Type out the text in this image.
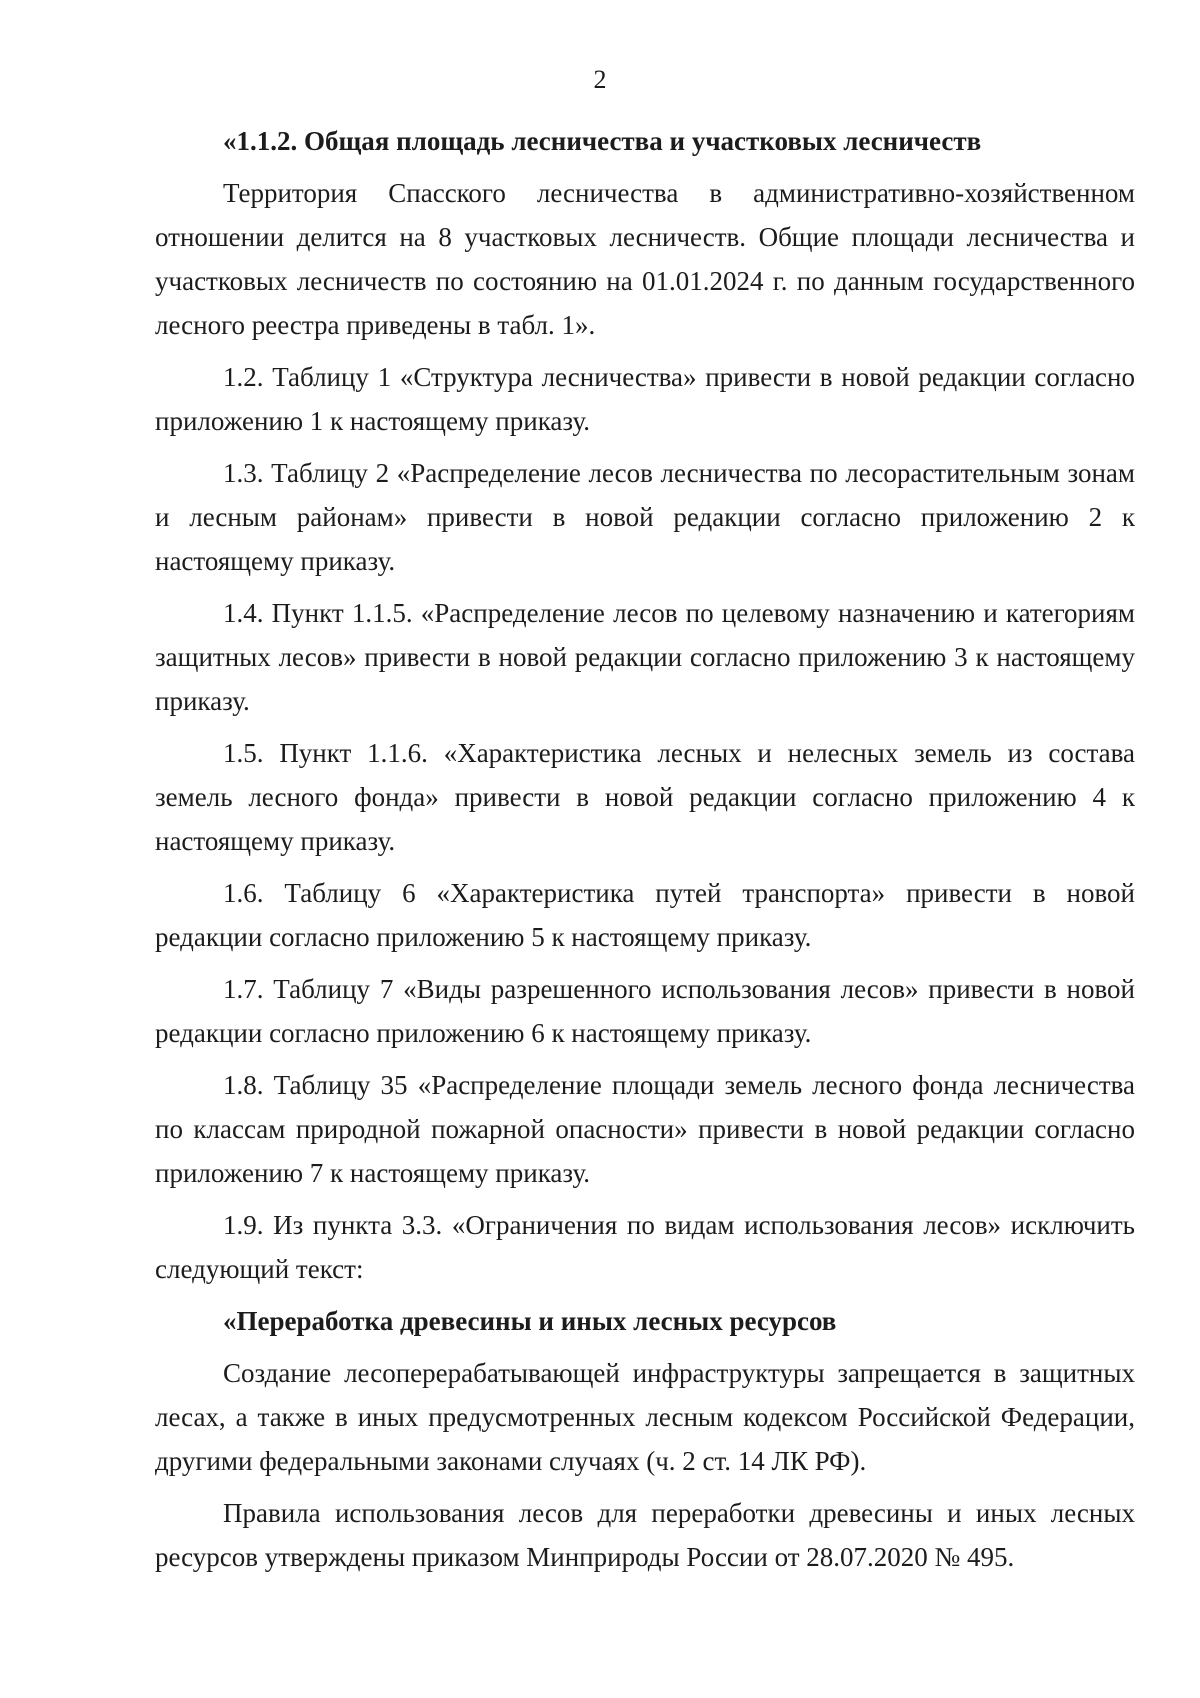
2

«1.1.2. Общая площадь лесничества и участковых лесничеств

Территория Спасского лесничества в административно-хозяйственном отношении делится на 8 участковых лесничеств. Общие площади лесничества и участковых лесничеств по состоянию на 01.01.2024 г. по данным государственного лесного реестра приведены в табл. 1».

1.2. Таблицу 1 «Структура лесничества» привести в новой редакции согласно приложению 1 к настоящему приказу.

1.3. Таблицу 2 «Распределение лесов лесничества по лесорастительным зонам и лесным районам» привести в новой редакции согласно приложению 2 к настоящему приказу.

1.4. Пункт 1.1.5. «Распределение лесов по целевому назначению и категориям защитных лесов» привести в новой редакции согласно приложению 3 к настоящему приказу.

1.5. Пункт 1.1.6. «Характеристика лесных и нелесных земель из состава земель лесного фонда» привести в новой редакции согласно приложению 4 к настоящему приказу.

1.6. Таблицу 6 «Характеристика путей транспорта» привести в новой редакции согласно приложению 5 к настоящему приказу.

1.7. Таблицу 7 «Виды разрешенного использования лесов» привести в новой редакции согласно приложению 6 к настоящему приказу.

1.8. Таблицу 35 «Распределение площади земель лесного фонда лесничества по классам природной пожарной опасности» привести в новой редакции согласно приложению 7 к настоящему приказу.

1.9. Из пункта 3.3. «Ограничения по видам использования лесов» исключить следующий текст:

«Переработка древесины и иных лесных ресурсов

Создание лесоперерабатывающей инфраструктуры запрещается в защитных лесах, а также в иных предусмотренных лесным кодексом Российской Федерации, другими федеральными законами случаях (ч. 2 ст. 14 ЛК РФ).

Правила использования лесов для переработки древесины и иных лесных ресурсов утверждены приказом Минприроды России от 28.07.2020 № 495.
